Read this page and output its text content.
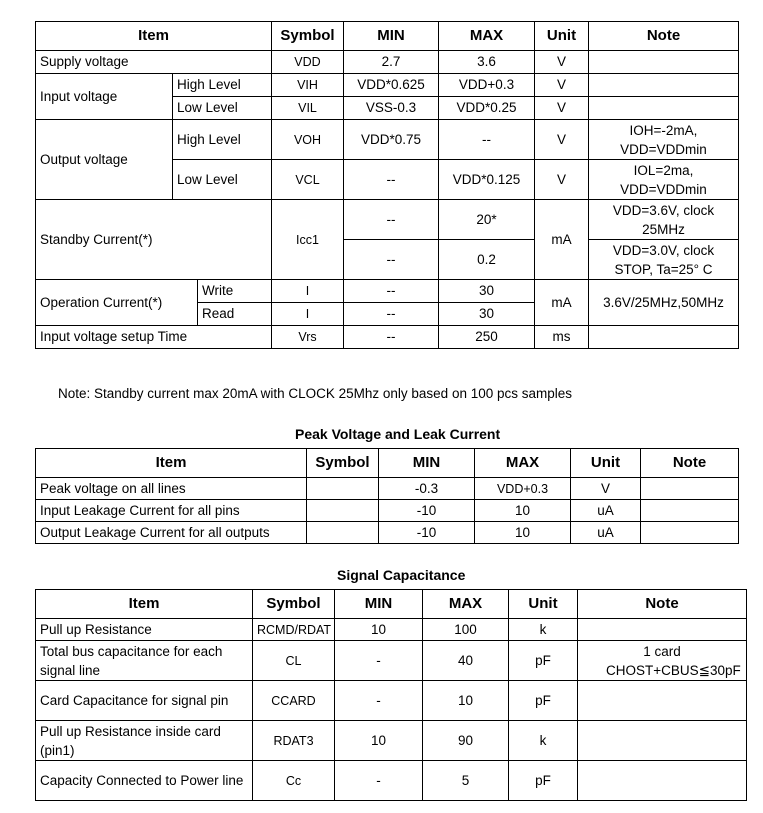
Item			Symbol	MIN	MAX	Unit	Note
Supply voltage			VDD	2.7	3.6	V	
Input voltage	High Level		VIH	VDD*0.625	VDD+0.3	V	
	Low Level		VIL	VSS-0.3	VDD*0.25	V	
Output voltage	High Level		VOH	VDD*0.75	--	V	IOH=-2mA, VDD=VDDmin
	Low Level		VCL	--	VDD*0.125	V	IOL=2ma, VDD=VDDmin
Standby Current(*)			Icc1	--	20*	mA	VDD=3.6V, clock 25MHz
				--	0.2		VDD=3.0V, clock STOP, Ta=25° C
Operation Current(*)		Write	I	--	30	mA	3.6V/25MHz,50MHz
		Read	I	--	30		
Input voltage setup Time			Vrs	--	250	ms	
Note: Standby current max 20mA with CLOCK 25Mhz only based on 100 pcs samples
Peak Voltage and Leak Current
Item	Symbol	MIN	MAX	Unit	Note
Peak voltage on all lines		-0.3	VDD+0.3	V	
Input Leakage Current for all pins		-10	10	uA	
Output Leakage Current for all outputs		-10	10	uA	
Signal Capacitance
Item	Symbol	MIN	MAX	Unit	Note
Pull up Resistance	RCMD/RDAT	10	100	k	
Total bus capacitance for each signal line	CL	-	40	pF	1 card CHOST+CBUS≦30pF
Card Capacitance for signal pin	CCARD	-	10	pF	
Pull up Resistance inside card (pin1)	RDAT3	10	90	k	
Capacity Connected to Power line	Cc	-	5	pF	
